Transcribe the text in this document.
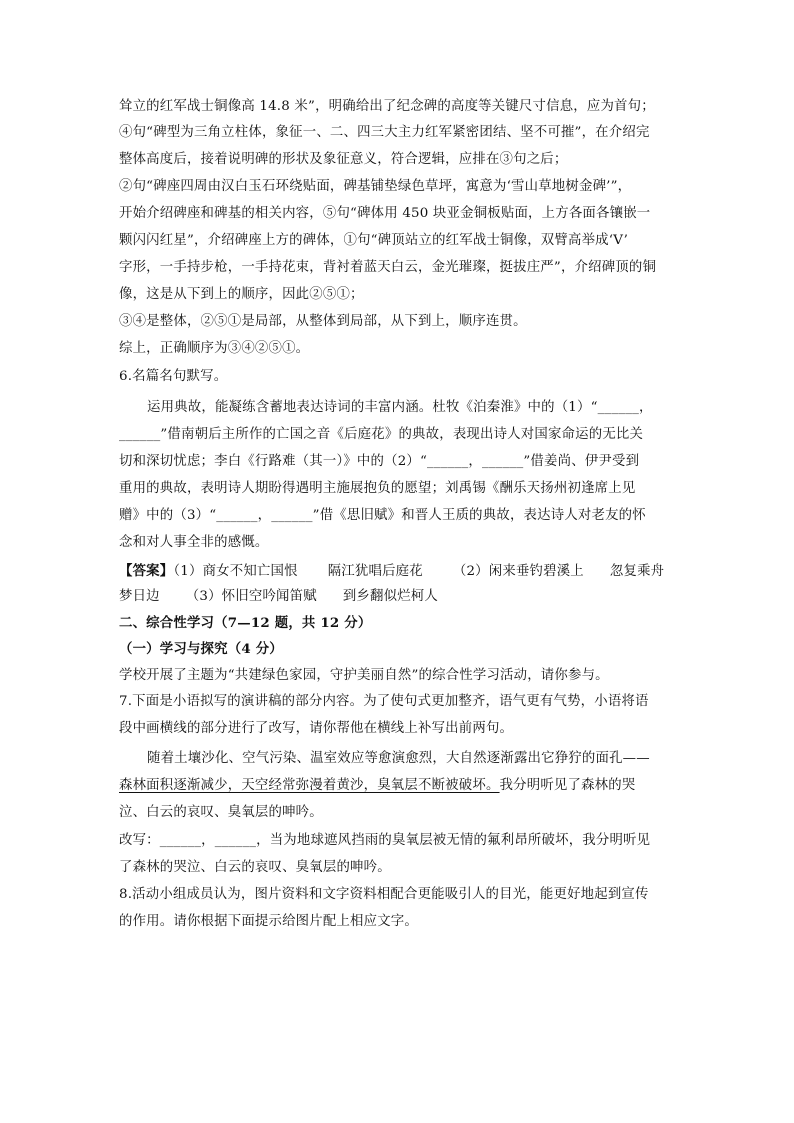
耸立的红军战士铜像高 14.8 米”，明确给出了纪念碑的高度等关键尺寸信息，应为首句；
④句“碑型为三角立柱体，象征一、二、四三大主力红军紧密团结、坚不可摧”，在介绍完
整体高度后，接着说明碑的形状及象征意义，符合逻辑，应排在③句之后；
②句“碑座四周由汉白玉石环绕贴面，碑基铺垫绿色草坪，寓意为‘雪山草地树金碑’”，
开始介绍碑座和碑基的相关内容，⑤句“碑体用 450 块亚金铜板贴面，上方各面各镶嵌一
颗闪闪红星”，介绍碑座上方的碑体，①句“碑顶站立的红军战士铜像，双臂高举成‘V’
字形，一手持步枪，一手持花束，背衬着蓝天白云，金光璀璨，挺拔庄严”，介绍碑顶的铜
像，这是从下到上的顺序，因此②⑤①；
③④是整体，②⑤①是局部，从整体到局部，从下到上，顺序连贯。
综上，正确顺序为③④②⑤①。
6.名篇名句默写。
运用典故，能凝练含蓄地表达诗词的丰富内涵。杜牧《泊秦淮》中的（1）“______，
______”借南朝后主所作的亡国之音《后庭花》的典故，表现出诗人对国家命运的无比关
切和深切忧虑；李白《行路难（其一）》中的（2）“______，______”借姜尚、伊尹受到
重用的典故，表明诗人期盼得遇明主施展抱负的愿望；刘禹锡《酬乐天扬州初逢席上见
赠》中的（3）“______，______”借《思旧赋》和晋人王质的典故，表达诗人对老友的怀
念和对人事全非的感慨。
【答案】（1）商女不知亡国恨 隔江犹唱后庭花 （2）闲来垂钓碧溪上 忽复乘舟
梦日边 （3）怀旧空吟闻笛赋 到乡翻似烂柯人
二、综合性学习（7—12 题，共 12 分）
（一）学习与探究（4 分）
学校开展了主题为“共建绿色家园，守护美丽自然”的综合性学习活动，请你参与。
7.下面是小语拟写的演讲稿的部分内容。为了使句式更加整齐，语气更有气势，小语将语
段中画横线的部分进行了改写，请你帮他在横线上补写出前两句。
随着土壤沙化、空气污染、温室效应等愈演愈烈，大自然逐渐露出它狰狞的面孔——
森林面积逐渐减少，天空经常弥漫着黄沙，臭氧层不断被破坏。我分明听见了森林的哭
泣、白云的哀叹、臭氧层的呻吟。
改写：______，______，当为地球遮风挡雨的臭氧层被无情的氟利昂所破坏，我分明听见
了森林的哭泣、白云的哀叹、臭氧层的呻吟。
8.活动小组成员认为，图片资料和文字资料相配合更能吸引人的目光，能更好地起到宣传
的作用。请你根据下面提示给图片配上相应文字。
